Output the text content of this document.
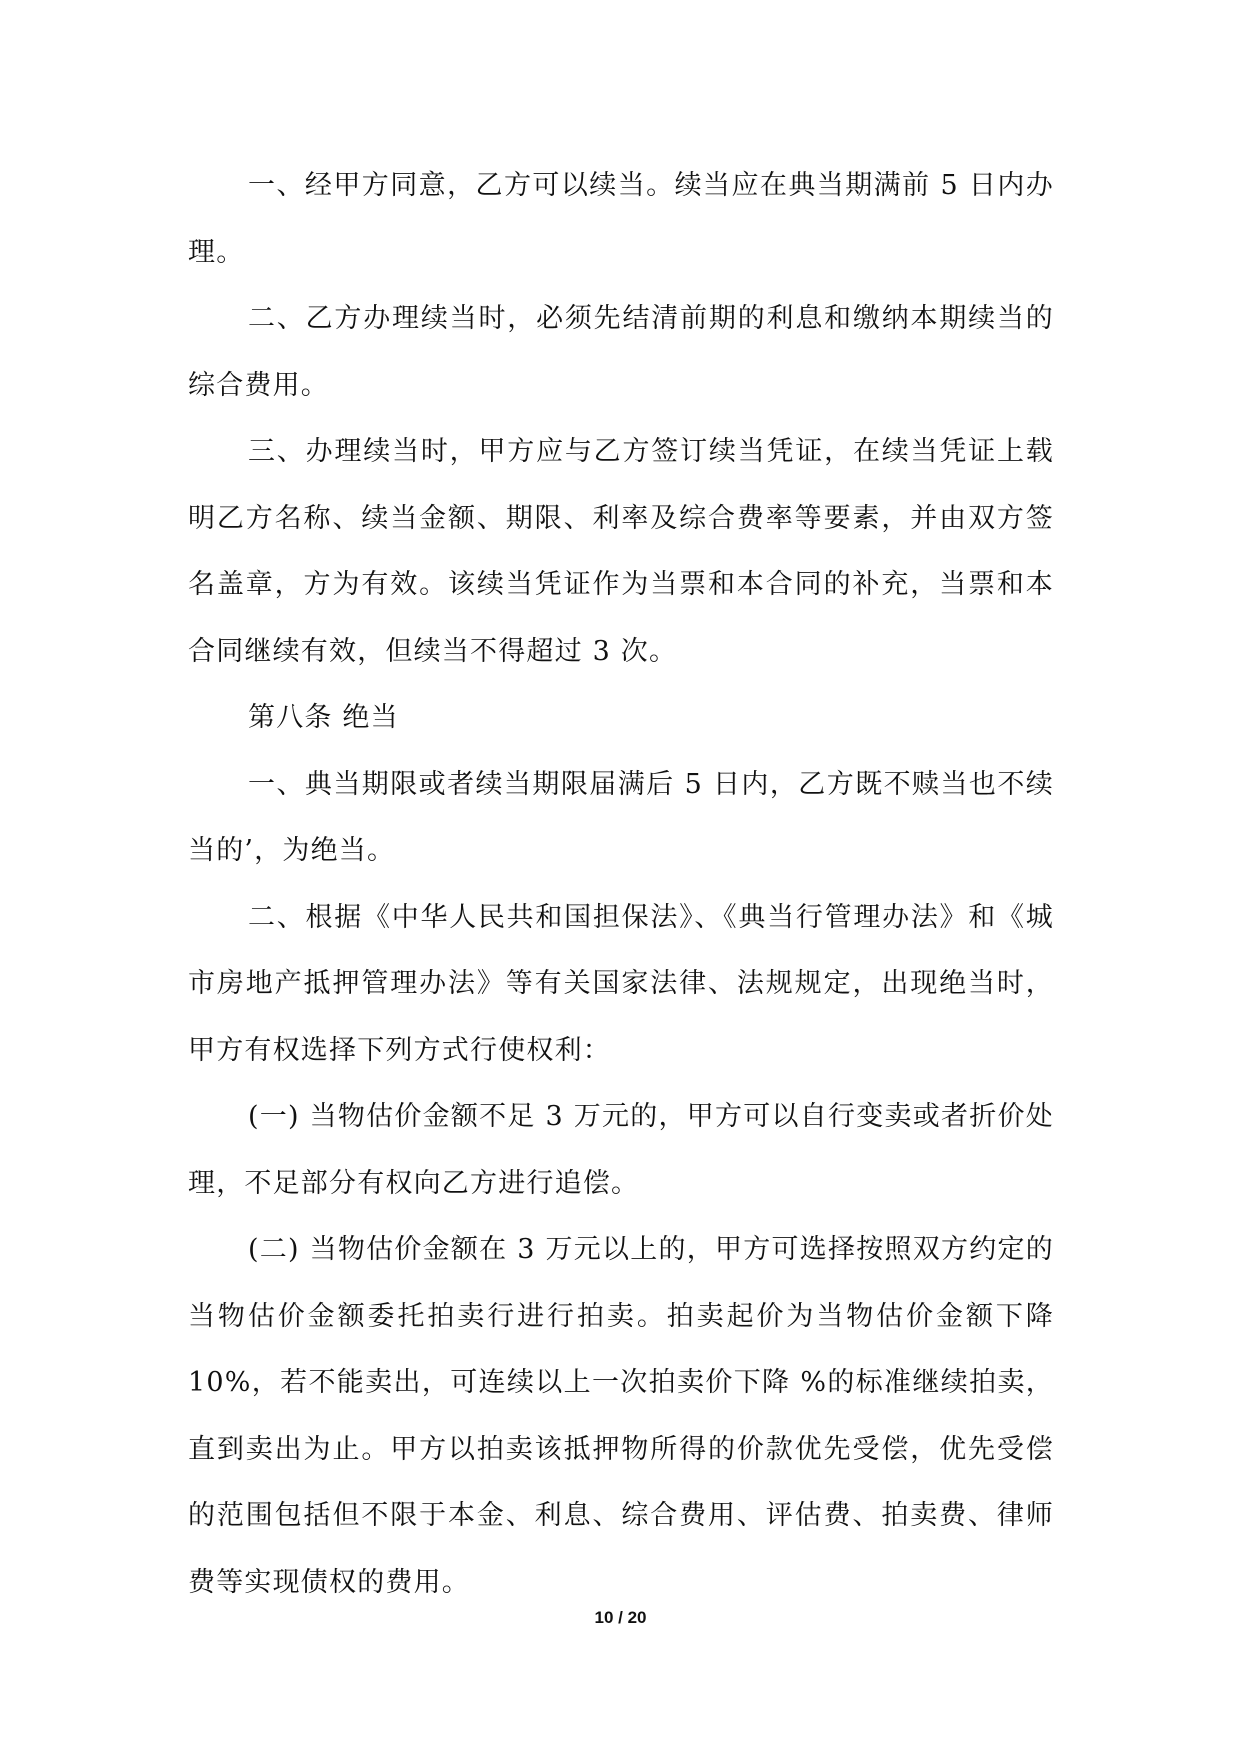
一、经甲方同意，乙方可以续当。续当应在典当期满前 5 日内办理。

二、乙方办理续当时，必须先结清前期的利息和缴纳本期续当的综合费用。

三、办理续当时，甲方应与乙方签订续当凭证，在续当凭证上载明乙方名称、续当金额、期限、利率及综合费率等要素，并由双方签名盖章，方为有效。该续当凭证作为当票和本合同的补充，当票和本合同继续有效，但续当不得超过 3 次。

第八条 绝当

一、典当期限或者续当期限届满后 5 日内，乙方既不赎当也不续当的’，为绝当。

二、根据《中华人民共和国担保法》、《典当行管理办法》和《城市房地产抵押管理办法》等有关国家法律、法规规定，出现绝当时，甲方有权选择下列方式行使权利：

(一) 当物估价金额不足 3 万元的，甲方可以自行变卖或者折价处理，不足部分有权向乙方进行追偿。

(二) 当物估价金额在 3 万元以上的，甲方可选择按照双方约定的当物估价金额委托拍卖行进行拍卖。拍卖起价为当物估价金额下降 10%，若不能卖出，可连续以上一次拍卖价下降 %的标准继续拍卖，直到卖出为止。甲方以拍卖该抵押物所得的价款优先受偿，优先受偿的范围包括但不限于本金、利息、综合费用、评估费、拍卖费、律师费等实现债权的费用。

10 / 20
